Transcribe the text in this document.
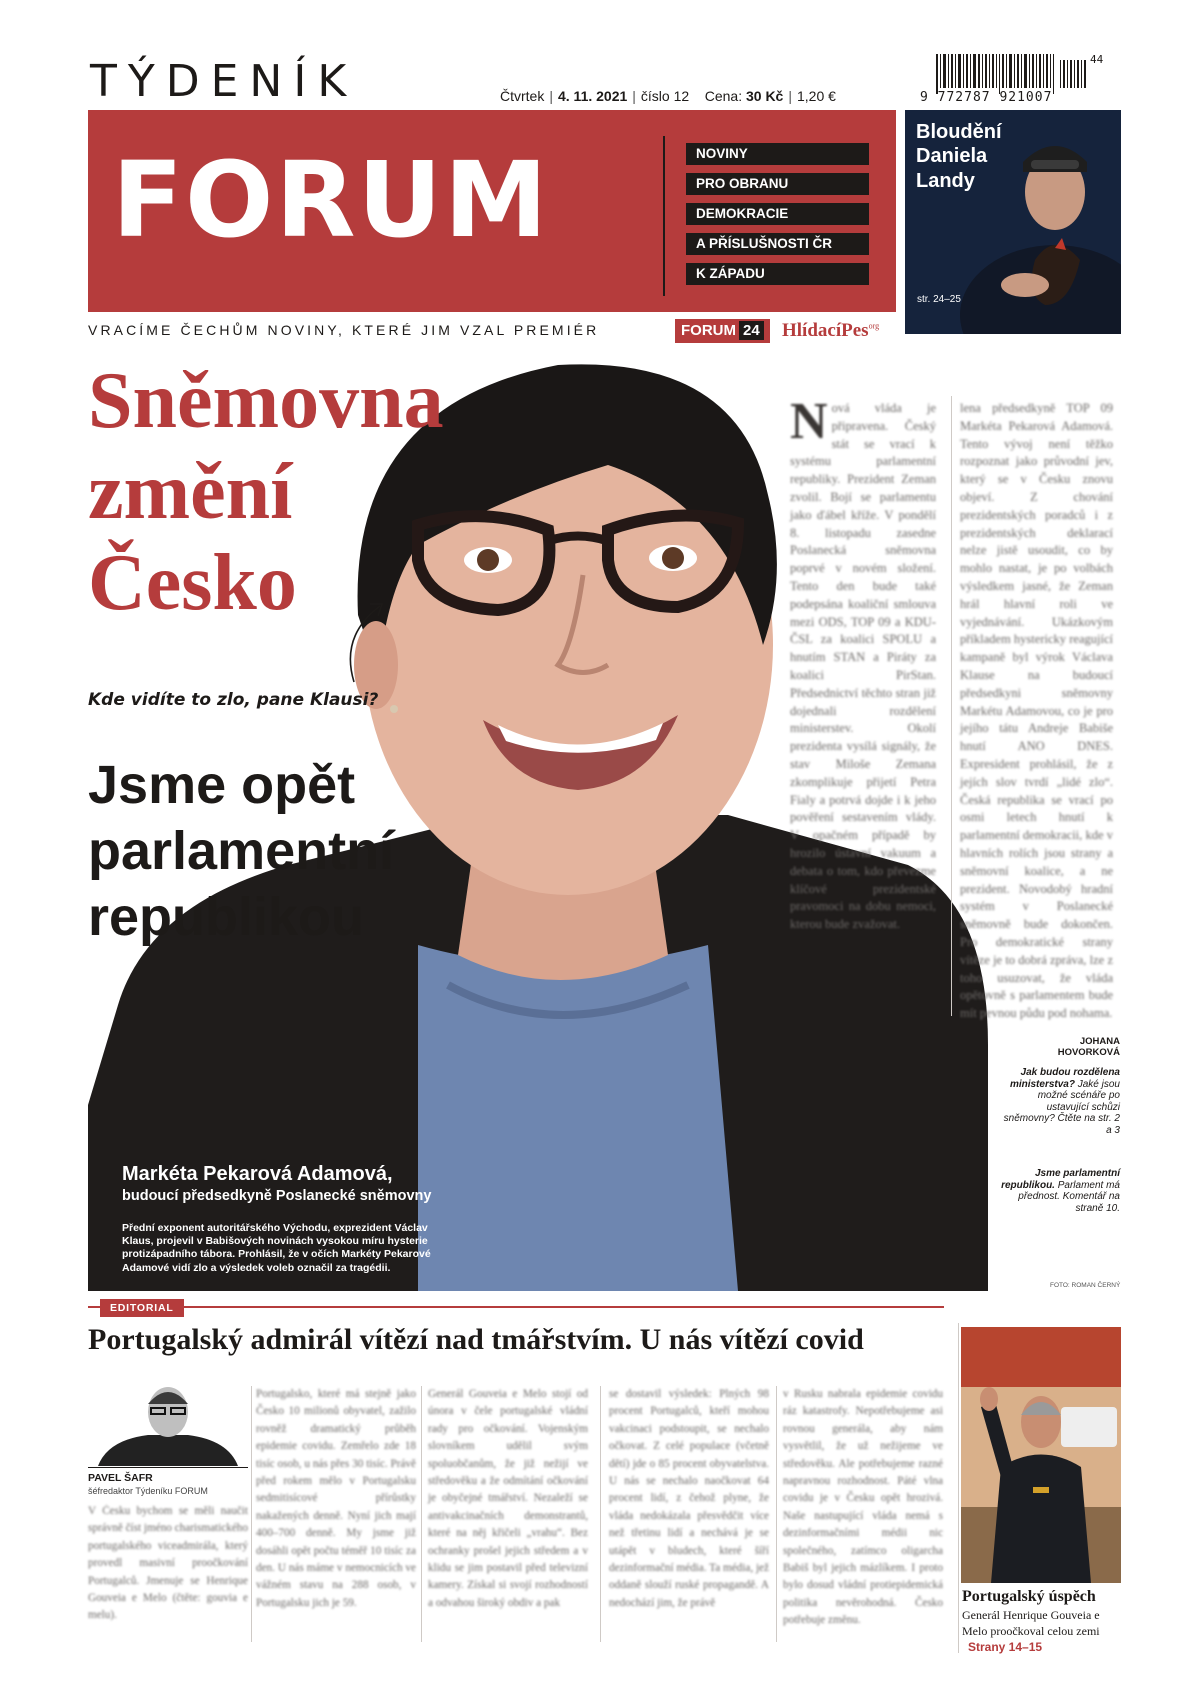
TÝDENÍK	Čtvrtek | 4. 11. 2021 | číslo 12 Cena: 30 Kč | 1,20 €	9 772787 921007
44
FORUM	NOVINY
PRO OBRANU
DEMOKRACIE
A PŘÍSLUŠNOSTI ČR
K ZÁPADU
Bloudění Daniela Landy
str. 24–25
VRACÍME ČECHŮM NOVINY, KTERÉ JIM VZAL PREMIÉR	FORUM 24	HlídacíPes$^{org}$
Sněmovna
změní
Česko
Kde vidíte to zlo, pane Klausi?
Jsme opět
parlamentní
republikou
Nová vláda je připravena. Český stát se vrací k systému parlamentní republiky. Prezident Zeman zvolil. Bojí se parlamentu jako ďábel kříže. V pondělí 8. listopadu zasedne Poslanecká sněmovna poprvé v novém složení. Tento den bude také podepsána koaliční smlouva mezi ODS, TOP 09 a KDU-ČSL za koalici SPOLU a hnutím STAN a Piráty za koalici PirStan. Předsednictví těchto stran již dojednali rozdělení ministerstev. Okolí prezidenta vysílá signály, že stav Miloše Zemana zkomplikuje přijetí Petra Fialy a potrvá dojde i k jeho pověření sestavením vlády. V opačném případě by hrozilo ústavní vakuum a debata o tom, kdo převezme klíčové prezidentské pravomoci na dobu nemoci, kterou bude zvažovat.
lena předsedkyně TOP 09 Markéta Pekarová Adamová. Tento vývoj není těžko rozpoznat jako průvodní jev, který se v Česku znovu objeví. Z chování prezidentských poradců i z prezidentských deklarací nelze jistě usoudit, co by mohlo nastat, je po volbách výsledkem jasné, že Zeman hrál hlavní roli ve vyjednávání. Ukázkovým příkladem hystericky reagující kampaně byl výrok Václava Klause na budoucí předsedkyni sněmovny Markétu Adamovou, co je pro jejího tátu Andreje Babiše hnutí ANO DNES. Expresident prohlásil, že z jejích slov tvrdí „lidé zlo“. Česká republika se vrací po osmi letech hnutí k parlamentní demokracii, kde v hlavních rolích jsou strany a sněmovní koalice, a ne prezident. Novodobý hradní systém v Poslanecké sněmovně bude dokončen. Pro demokratické strany vítěze je to dobrá zpráva, lze z toho usuzovat, že vláda opětovně s parlamentem bude mít pevnou půdu pod nohama.
JOHANA
HOVORKOVÁ
Jak budou rozdělena ministerstva? Jaké jsou možné scénáře po ustavující schůzi sněmovny? Čtěte na str. 2 a 3
Jsme parlamentní republikou. Parlament má přednost. Komentář na straně 10.
FOTO: ROMAN ČERNÝ
Markéta Pekarová Adamová,
budoucí předsedkyně Poslanecké sněmovny
Přední exponent autoritářského Východu, exprezident Václav Klaus, projevil v Babišových novinách vysokou míru hysterie protizápadního tábora. Prohlásil, že v očích Markéty Pekarové Adamové vidí zlo a výsledek voleb označil za tragédii.
EDITORIAL
Portugalský admirál vítězí nad tmářstvím. U nás vítězí covid
PAVEL ŠAFR
šéfredaktor Týdeníku FORUM
V Česku bychom se měli naučit správně číst jméno charismatického portugalského viceadmirála, který provedl masivní proočkování Portugalců. Jmenuje se Henrique Gouveia e Melo (čtěte: gouvia e melu).
Portugalsko, které má stejně jako Česko 10 milionů obyvatel, zažilo rovněž dramatický průběh epidemie covidu. Zemřelo zde 18 tisíc osob, u nás přes 30 tisíc. Právě před rokem mělo v Portugalsku sedmitisícové přírůstky nakažených denně. Nyní jich mají 400–700 denně. My jsme již dosáhli opět počtu téměř 10 tisíc za den. U nás máme v nemocnicích ve vážném stavu na 288 osob, v Portugalsku jich je 59.
Generál Gouveia e Melo stojí od února v čele portugalské vládní rady pro očkování. Vojenským slovníkem udělil svým spoluobčanům, že již nežijí ve středověku a že odmítání očkování je obyčejné tmářství. Nezaleží se antivakcinačních demonstrantů, které na něj křičeli „vrahu“. Bez ochranky prošel jejich středem a v klidu se jim postavil před televizní kamery. Získal si svojí rozhodností a odvahou široký obdiv a pak
se dostavil výsledek: Plných 98 procent Portugalců, kteří mohou vakcinaci podstoupit, se nechalo očkovat. Z celé populace (včetně dětí) jde o 85 procent obyvatelstva. U nás se nechalo naočkovat 64 procent lidí, z čehož plyne, že vláda nedokázala přesvědčit více než třetinu lidí a nechává je se utápět v bludech, které šíří dezinformační média. Ta média, jež oddaně slouží ruské propagandě. A nedochází jim, že právě
v Rusku nabrala epidemie covidu ráz katastrofy. Nepotřebujeme asi rovnou generála, aby nám vysvětlil, že už nežijeme ve středověku. Ale potřebujeme razné napravnou rozhodnost. Páté vlna covidu je v Česku opět hrozivá. Naše nastupující vláda nemá s dezinformačními médii nic společného, zatímco oligarcha Babiš byl jejich mázlíkem. I proto bylo dosud vládní protiepidemická politika nevěrohodná. Česko potřebuje změnu.
Portugalský úspěch
Generál Henrique Gouveia e Melo proočkoval celou zemi
Strany 14–15
